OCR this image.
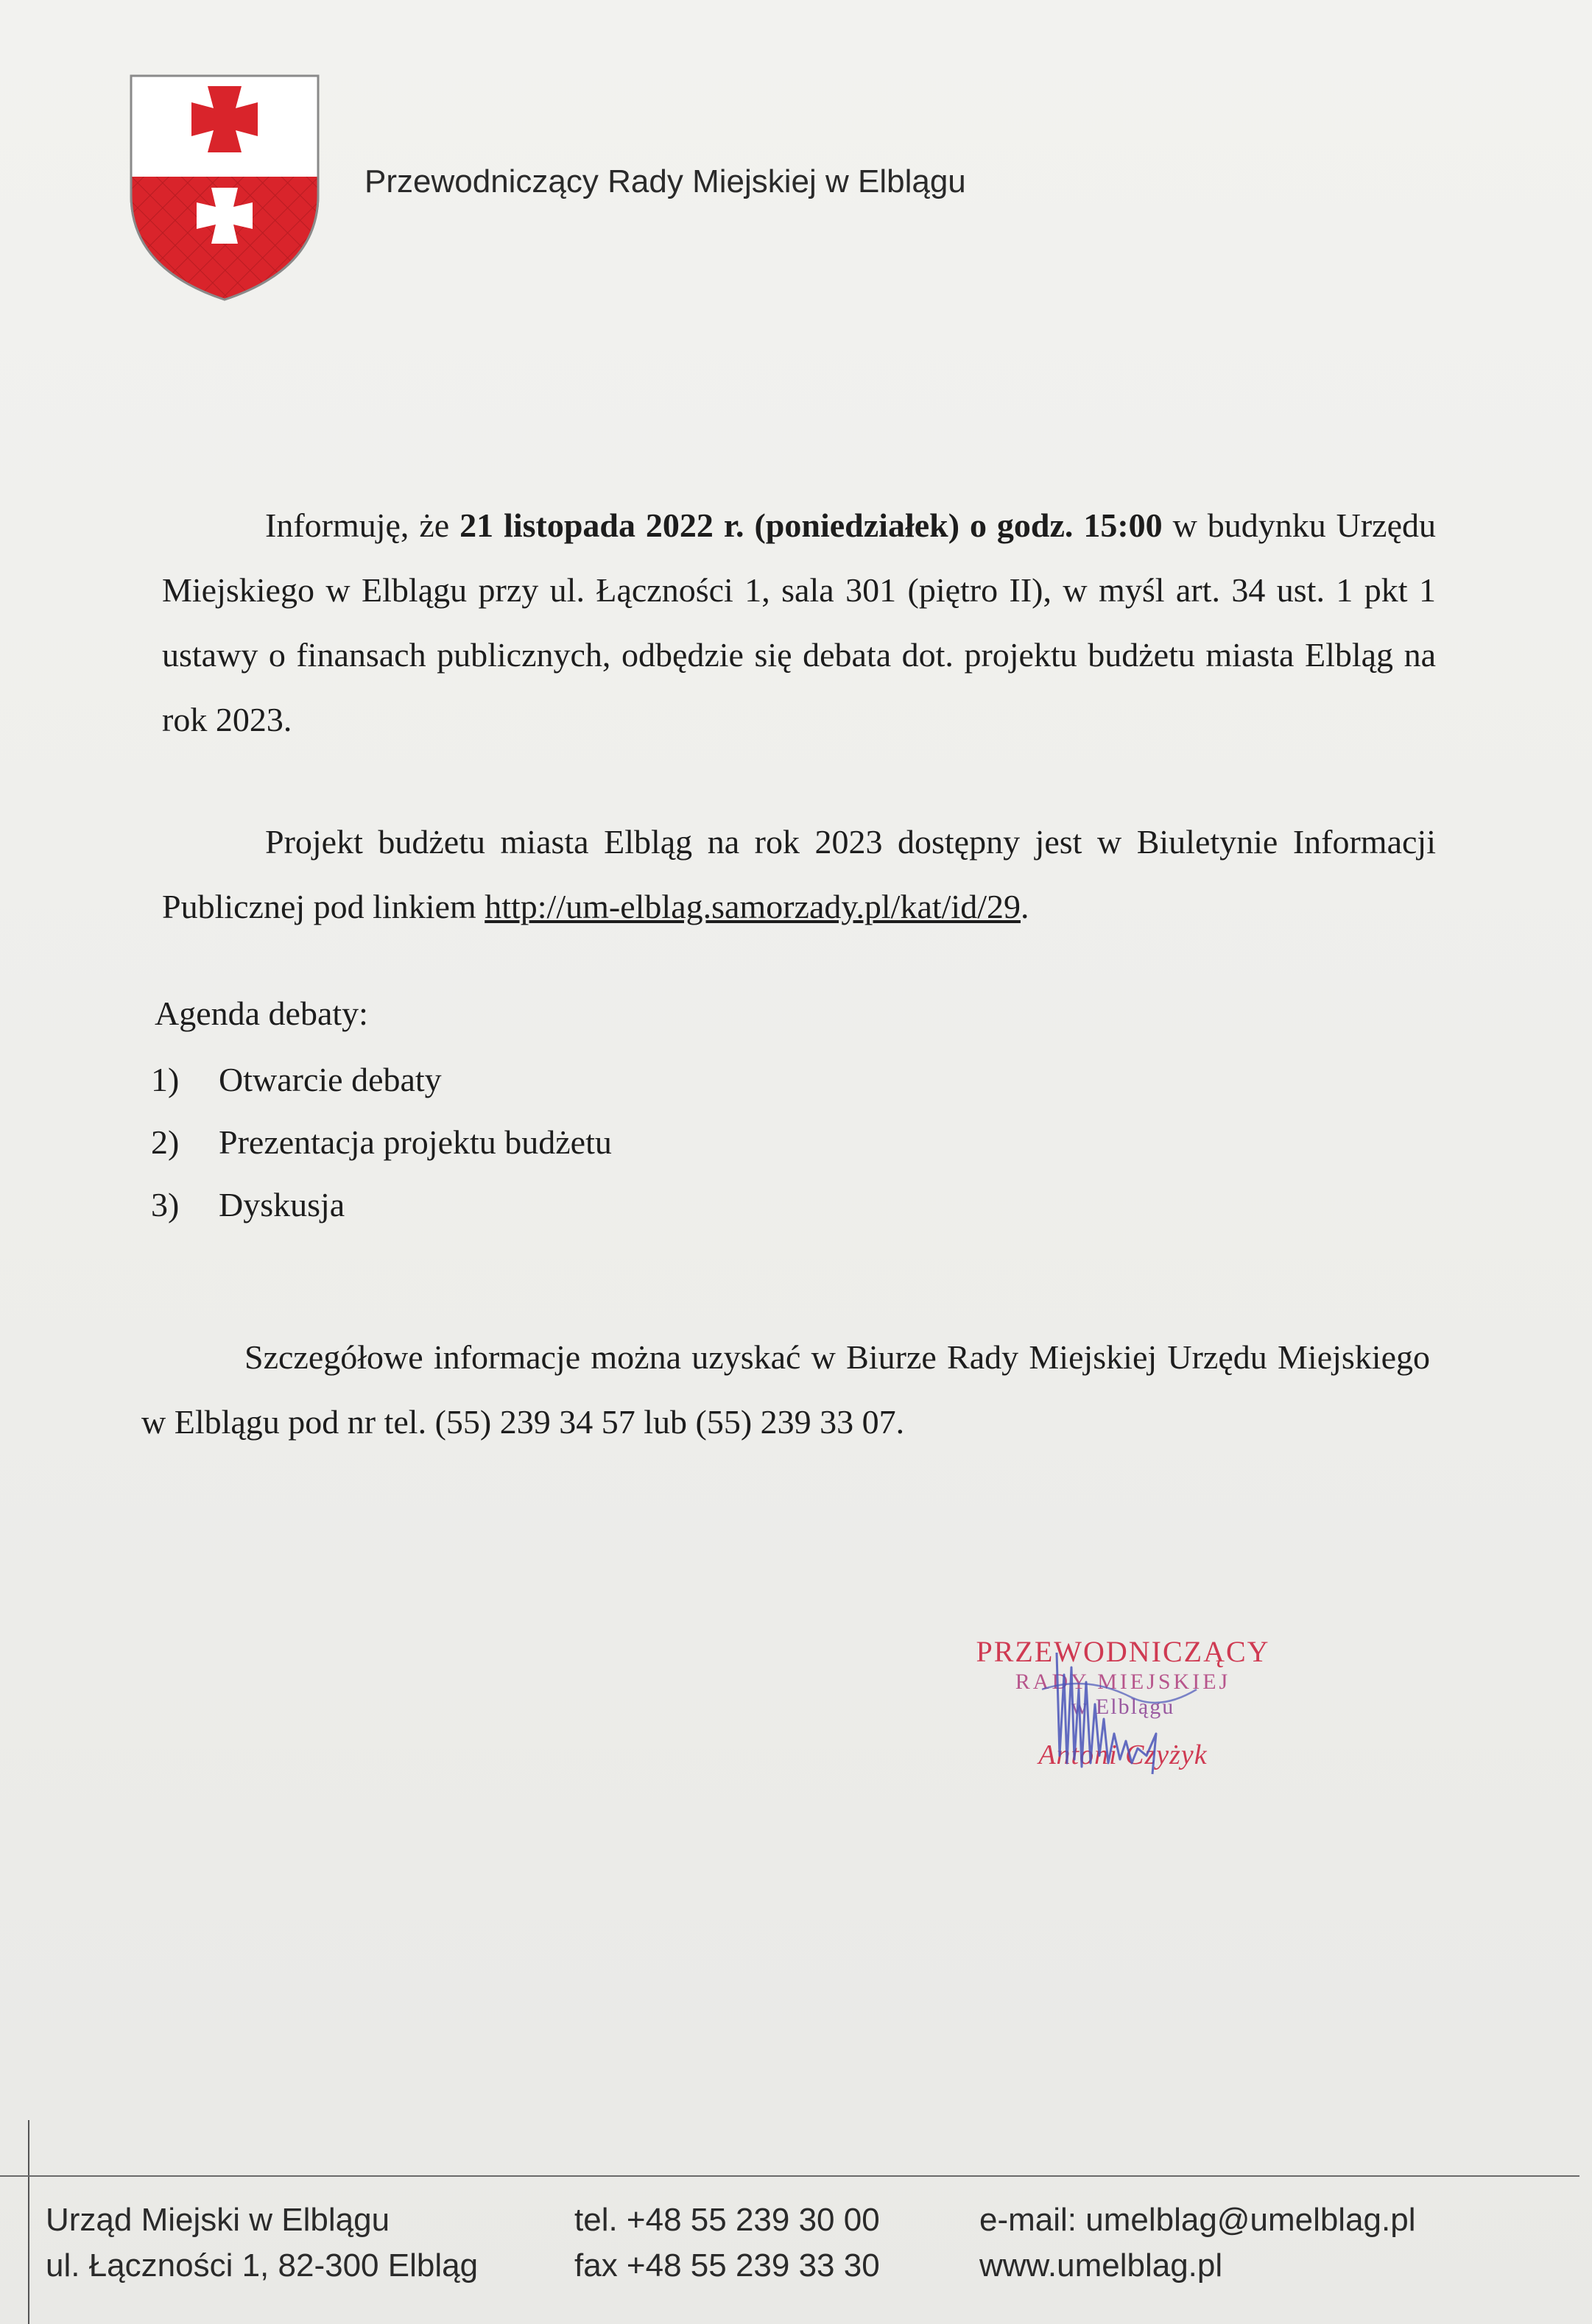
Przewodniczący Rady Miejskiej w Elblągu
Informuję, że 21 listopada 2022 r. (poniedziałek) o godz. 15:00 w budynku Urzędu Miejskiego w Elblągu przy ul. Łączności 1, sala 301 (piętro II), w myśl art. 34 ust. 1 pkt 1 ustawy o finansach publicznych, odbędzie się debata dot. projektu budżetu miasta Elbląg na rok 2023.
Projekt budżetu miasta Elbląg na rok 2023 dostępny jest w Biuletynie Informacji Publicznej pod linkiem http://um-elblag.samorzady.pl/kat/id/29.
Agenda debaty:
1) Otwarcie debaty
2) Prezentacja projektu budżetu
3) Dyskusja
Szczegółowe informacje można uzyskać w Biurze Rady Miejskiej Urzędu Miejskiego w Elblągu pod nr tel. (55) 239 34 57 lub (55) 239 33 07.
PRZEWODNICZĄCY
RADY MIEJSKIEJ
w Elblągu
Antoni Czyżyk
Urząd Miejski w Elblągu
ul. Łączności 1, 82-300 Elbląg
tel. +48 55 239 30 00
fax +48 55 239 33 30
e-mail: umelblag@umelblag.pl
www.umelblag.pl
